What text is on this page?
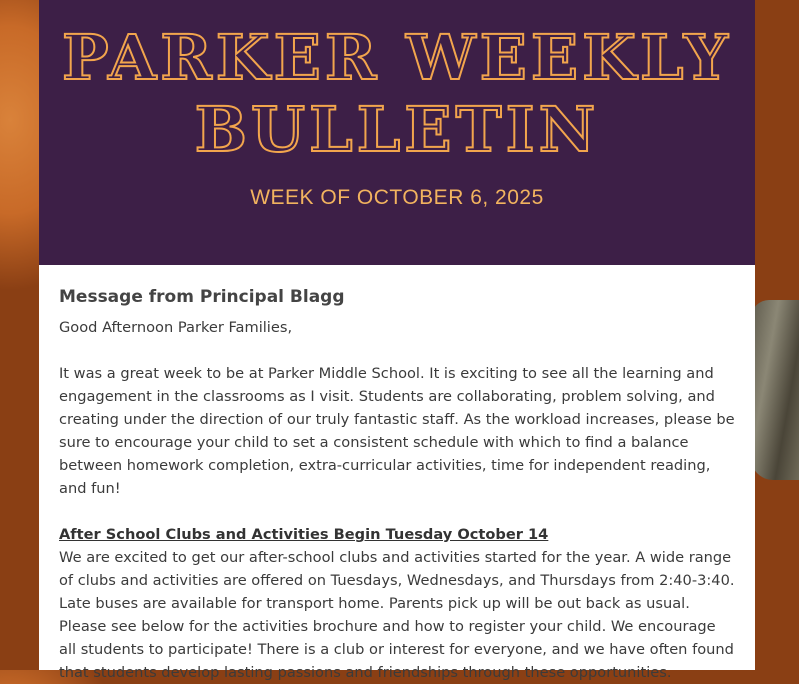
PARKER WEEKLY
BULLETIN
WEEK OF OCTOBER 6, 2025
Message from Principal Blagg

Good Afternoon Parker Families,

It was a great week to be at Parker Middle School. It is exciting to see all the learning and engagement in the classrooms as I visit. Students are collaborating, problem solving, and creating under the direction of our truly fantastic staff. As the workload increases, please be sure to encourage your child to set a consistent schedule with which to find a balance between homework completion, extra-curricular activities, time for independent reading, and fun!

After School Clubs and Activities Begin Tuesday October 14
We are excited to get our after-school clubs and activities started for the year. A wide range of clubs and activities are offered on Tuesdays, Wednesdays, and Thursdays from 2:40-3:40. Late buses are available for transport home. Parents pick up will be out back as usual. Please see below for the activities brochure and how to register your child. We encourage all students to participate! There is a club or interest for everyone, and we have often found that students develop lasting passions and friendships through these opportunities.
